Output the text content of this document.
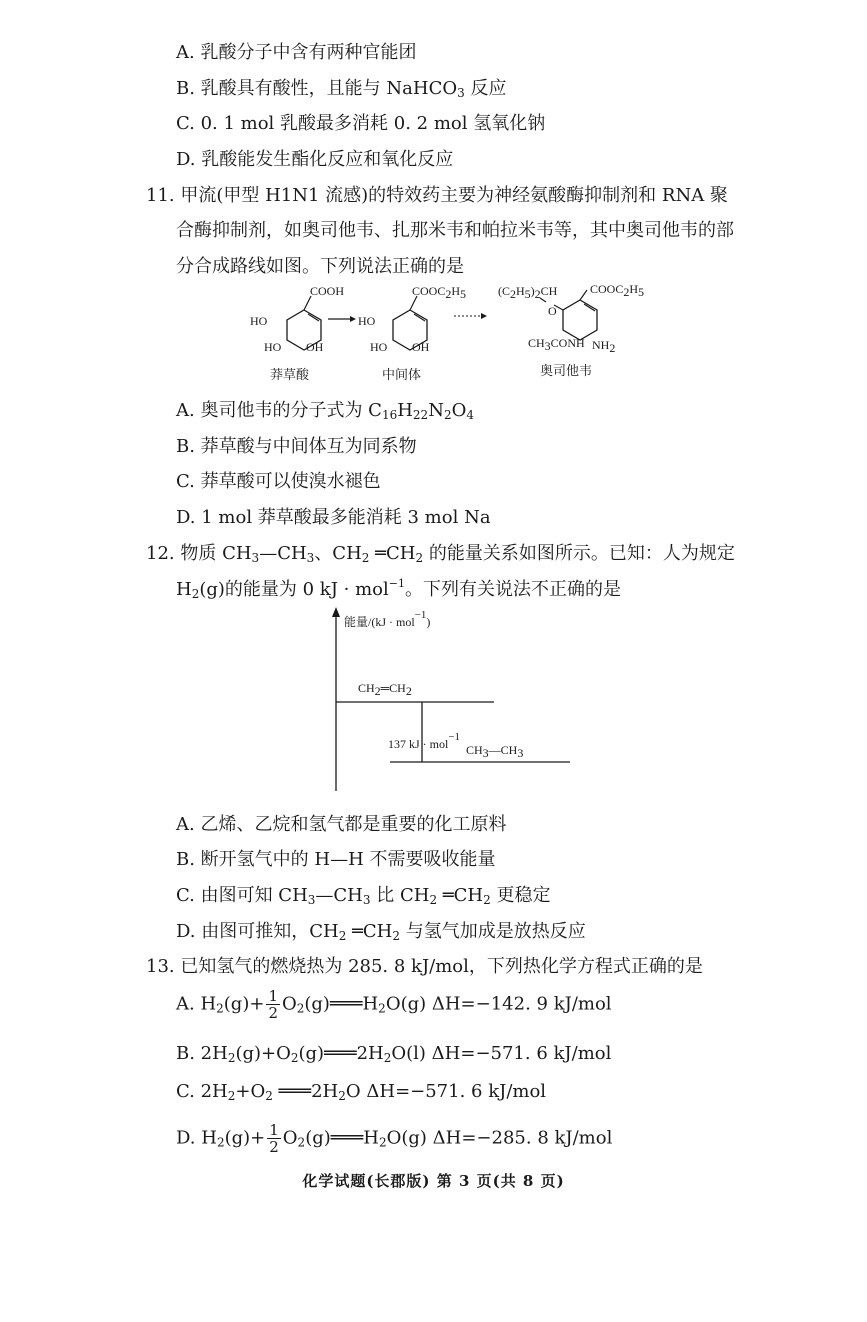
A. 乳酸分子中含有两种官能团
B. 乳酸具有酸性，且能与 NaHCO$_3$ 反应
C. 0. 1 mol 乳酸最多消耗 0. 2 mol 氢氧化钠
D. 乳酸能发生酯化反应和氧化反应
11. 甲流(甲型 H1N1 流感)的特效药主要为神经氨酸酶抑制剂和 RNA 聚
合酶抑制剂，如奥司他韦、扎那米韦和帕拉米韦等，其中奥司他韦的部
分合成路线如图。下列说法正确的是
COOH
HO
HO OH
莽草酸
$COOC_2H_5$
HO
HO OH
中间体
$COOC_2H_5$
$(C_2H_5)_2CH$
O
$CH_3CONH$ $NH_2$
奥司他韦
A. 奥司他韦的分子式为 $C_{16}H_{22}N_2O_4$
B. 莽草酸与中间体互为同系物
C. 莽草酸可以使溴水褪色
D. 1 mol 莽草酸最多能消耗 3 mol Na
12. 物质 $CH_3—CH_3$、$CH_2$ $═CH_2$ 的能量关系如图所示。已知：人为规定
$H_2(g)$的能量为 0 kJ · mol$^{-1}$。下列有关说法不正确的是
能量/(kJ · mol$^{-1}$)
$CH_2═CH_2$
137 kJ · mol$^{-1}$
$CH_3—CH_3$
A. 乙烯、乙烷和氢气都是重要的化工原料
B. 断开氢气中的 H—H 不需要吸收能量
C. 由图可知 $CH_3—CH_3$ 比 $CH_2$ $═CH_2$ 更稳定
D. 由图可推知，$CH_2$ $═CH_2$ 与氢气加成是放热反应
13. 已知氢气的燃烧热为 285. 8 kJ/mol，下列热化学方程式正确的是
A. $H_2(g)+ \frac{1}{2}$ $O_2(g)═══H_2O(g)$ ΔH=−142. 9 kJ/mol
B. $2H_2(g)+O_2(g)═══2H_2O(l)$ ΔH=−571. 6 kJ/mol
C. $2H_2+O_2$ $═══2H_2O$ ΔH=−571. 6 kJ/mol
D. $H_2(g)+ \frac{1}{2}$ $O_2(g)═══H_2O(g)$ ΔH=−285. 8 kJ/mol
化学试题(长郡版) 第 3 页(共 8 页)
